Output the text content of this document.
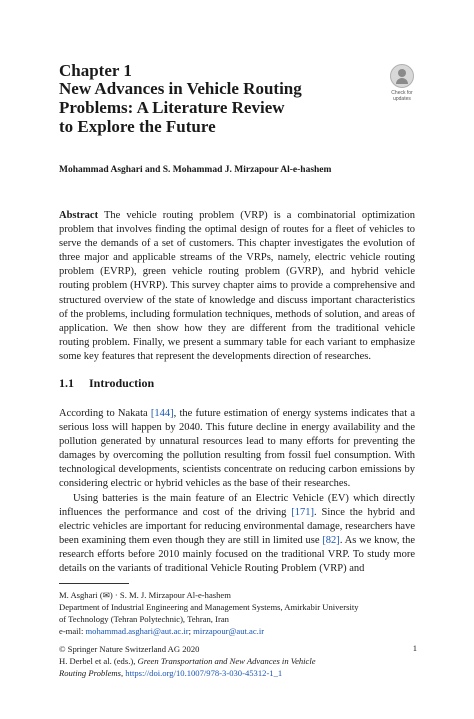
Chapter 1
New Advances in Vehicle Routing
Problems: A Literature Review
to Explore the Future
Check for
updates
Mohammad Asghari and S. Mohammad J. Mirzapour Al-e-hashem
Abstract The vehicle routing problem (VRP) is a combinatorial optimization problem that involves finding the optimal design of routes for a fleet of vehicles to serve the demands of a set of customers. This chapter investigates the evolution of three major and applicable streams of the VRPs, namely, electric vehicle routing problem (EVRP), green vehicle routing problem (GVRP), and hybrid vehicle routing problem (HVRP). This survey chapter aims to provide a comprehensive and structured overview of the state of knowledge and discuss important characteristics of the problems, including formulation techniques, methods of solution, and areas of application. We then show how they are different from the traditional vehicle routing problem. Finally, we present a summary table for each variant to emphasize some key features that represent the developments direction of researches.
1.1 Introduction

According to Nakata [144], the future estimation of energy systems indicates that a serious loss will happen by 2040. This future decline in energy availability and the pollution generated by unnatural resources lead to many efforts for preventing the damages by overcoming the pollution resulting from fossil fuel consumption. With technological developments, scientists concentrate on reducing carbon emissions by considering electric or hybrid vehicles as the base of their researches.

Using batteries is the main feature of an Electric Vehicle (EV) which directly influences the performance and cost of the driving [171]. Since the hybrid and electric vehicles are important for reducing environmental damage, researchers have been examining them even though they are still in limited use [82]. As we know, the research efforts before 2010 mainly focused on the traditional VRP. To study more details on the variants of traditional Vehicle Routing Problem (VRP) and

M. Asghari (✉) · S. M. J. Mirzapour Al-e-hashem
Department of Industrial Engineering and Management Systems, Amirkabir University
of Technology (Tehran Polytechnic), Tehran, Iran
e-mail: mohammad.asghari@aut.ac.ir; mirzapour@aut.ac.ir
© Springer Nature Switzerland AG 2020
H. Derbel et al. (eds.), Green Transportation and New Advances in Vehicle
Routing Problems, https://doi.org/10.1007/978-3-030-45312-1_1
1
